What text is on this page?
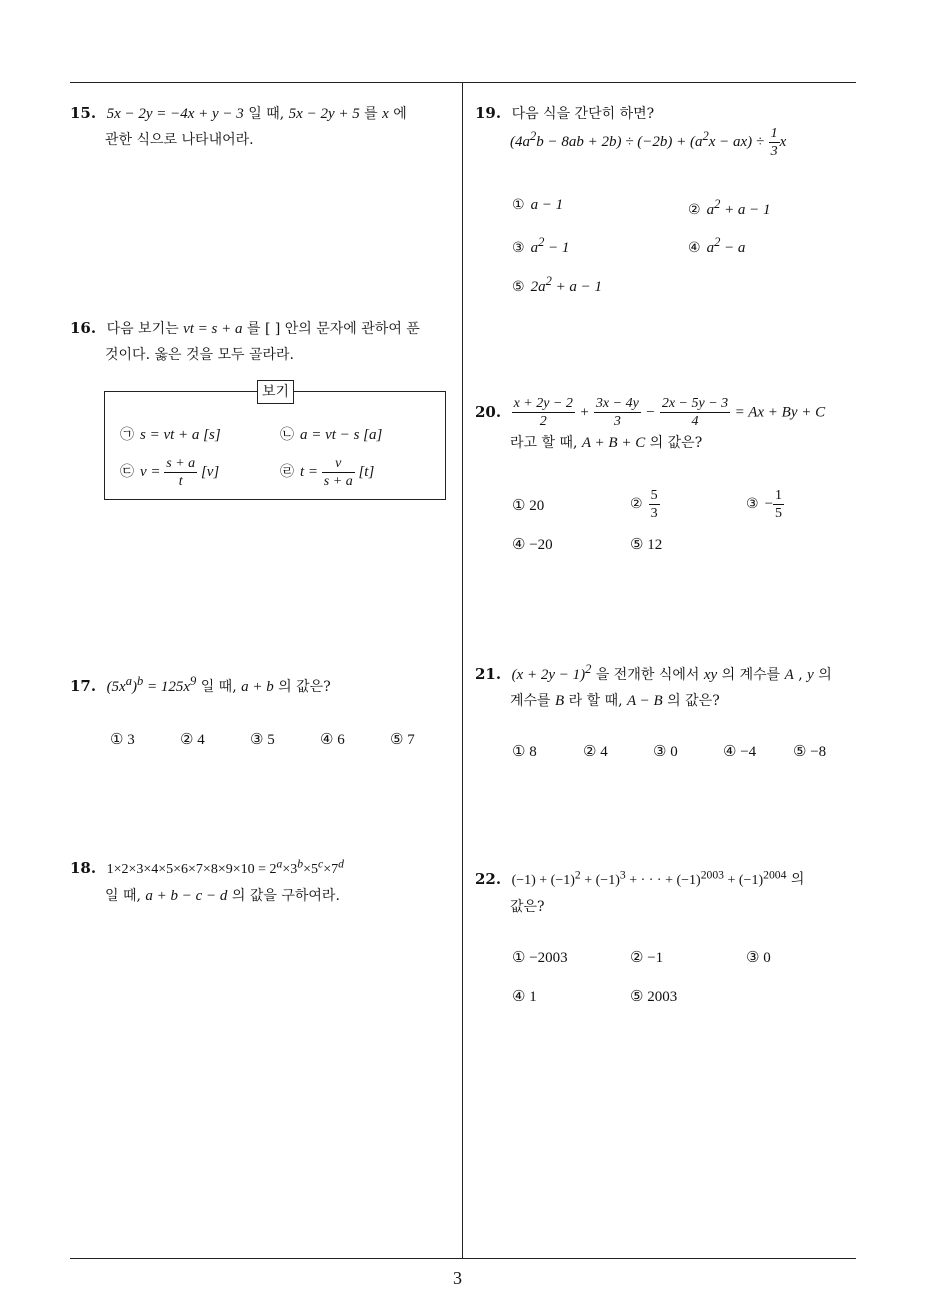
15. 5x − 2y = −4x + y − 3 일 때, 5x − 2y + 5 를 x 에
관한 식으로 나타내어라.
16. 다음 보기는 vt = s + a 를 [ ] 안의 문자에 관하여 푼
것이다. 옳은 것을 모두 골라라.
보기
㉠ s = vt + a [s]	㉡ a = vt − s [a]
㉢ $v = \frac{s + a}{t} [v]$	㉣ $t = \frac{v}{s + a} [t]$
17. $(5x^a)^b = 125x^9$ 일 때, a + b 의 값은?
① 3	② 4	③ 5	④ 6	⑤ 7
18. $1\times 2\times 3\times 4\times 5\times 6\times 7\times 8\times 9\times 10 = 2^a\times 3^b\times 5^c\times 7^d$
일 때, a + b − c − d 의 값을 구하여라.
19. 다음 식을 간단히 하면?
$(4a^2b - 8ab + 2b) \div (-2b) + (a^2x - ax) \div \frac{1}{3}$ x
① a − 1	② $a^2 + a - 1$
③ $a^2 - 1$	④ $a^2 - a$
⑤ $2a^2 + a - 1$
20. $\frac{x + 2y - 2}{2} + \frac{3x - 4y}{3} - \frac{2x - 5y - 3}{4} = Ax + By + C$
라고 할 때, A + B + C 의 값은?
① 20	② $\frac{5}{3}$	③ − $\frac{1}{5}$
④ −20	⑤ 12
21. $(x + 2y - 1)^2$ 을 전개한 식에서 xy 의 계수를 A , y 의
계수를 B 라 할 때, A − B 의 값은?
① 8	② 4	③ 0	④ −4 ⑤ −8
22. $(-1) + (-1)^2 + (-1)^3$ + · · · + $(-1)^{2003} + (-1)^{2004}$ 의
값은?
① −2003	② −1	③ 0
④ 1	⑤ 2003
3
